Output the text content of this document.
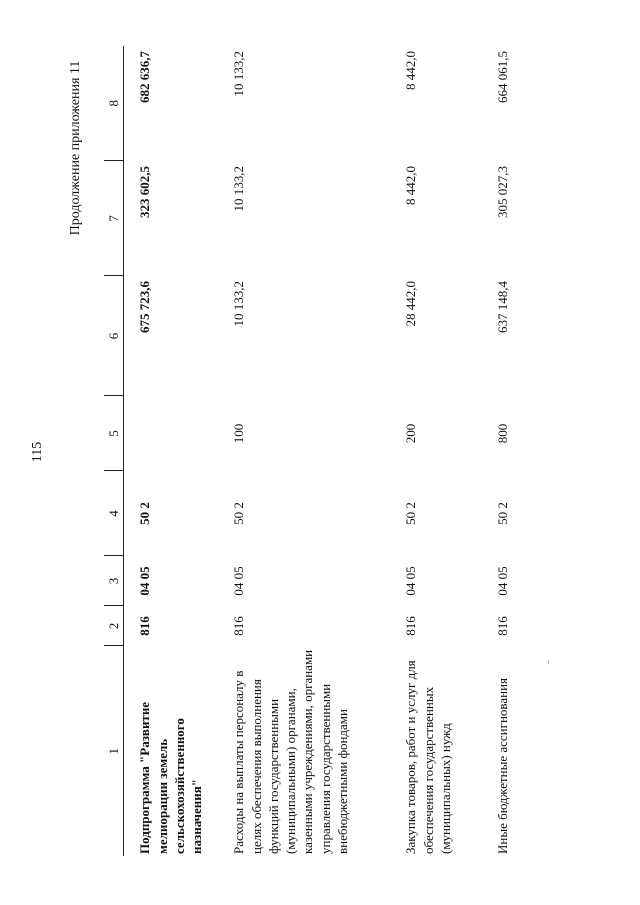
115
Продолжение приложения 11
1	2	3	4	5	6	7	8
Подпрограмма "Развитие мелиорации земель сельскохозяйственного назначения"	816	04 05	50 2		675 723,6	323 602,5	682 636,7
Расходы на выплаты персоналу в целях обеспечения выполнения функций государственными (муниципальными) органами, казенными учреждениями, органами управления государственными внебюджетными фондами	816	04 05	50 2	100	10 133,2	10 133,2	10 133,2
Закупка товаров, работ и услуг для обеспечения государственных (муниципальных) нужд	816	04 05	50 2	200	28 442,0	8 442,0	8 442,0
Иные бюджетные ассигнования	816	04 05	50 2	800	637 148,4	305 027,3	664 061,5
